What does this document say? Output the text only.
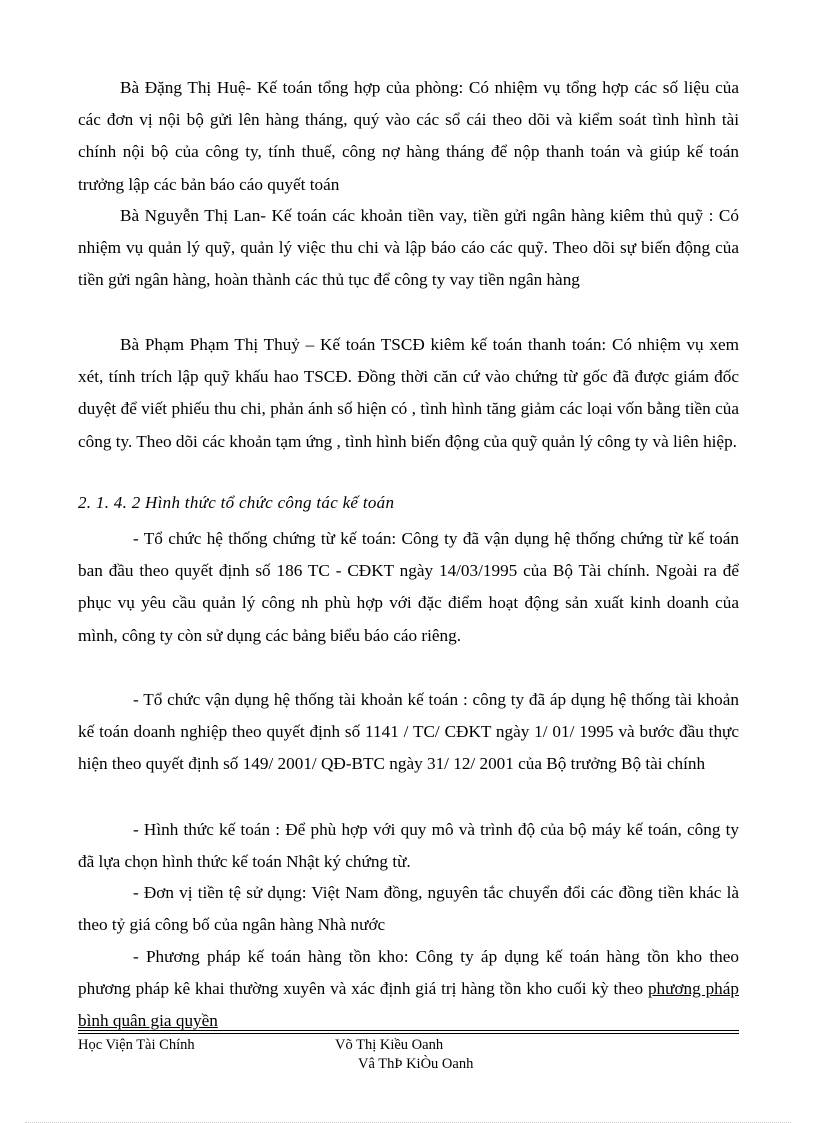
Bà Đặng Thị Huệ- Kế toán tổng hợp của phòng: Có nhiệm vụ tổng hợp các số liệu của các đơn vị nội bộ gửi lên hàng tháng, quý vào các sổ cái theo dõi và kiểm soát tình hình tài chính nội bộ của công ty, tính thuế, công nợ hàng tháng để nộp thanh toán và giúp kế toán trưởng lập các bản báo cáo quyết toán

Bà Nguyễn Thị Lan- Kế toán các khoản tiền vay, tiền gửi ngân hàng kiêm thủ quỹ : Có nhiệm vụ quản lý quỹ, quản lý việc thu chi và lập báo cáo các quỹ. Theo dõi sự biến động của tiền gửi ngân hàng, hoàn thành các thủ tục để công ty vay tiền ngân hàng

Bà Phạm Phạm Thị Thuỷ – Kế toán TSCĐ kiêm kế toán thanh toán: Có nhiệm vụ xem xét, tính trích lập quỹ khấu hao TSCĐ. Đồng thời căn cứ vào chứng từ gốc đã được giám đốc duyệt để viết phiếu thu chi, phản ánh số hiện có , tình hình tăng giảm các loại vốn bằng tiền của công ty. Theo dõi các khoản tạm ứng , tình hình biến động của quỹ quản lý công ty và liên hiệp.

2. 1. 4. 2 Hình thức tổ chức công tác kế toán

- Tổ chức hệ thống chứng từ kế toán: Công ty đã vận dụng hệ thống chứng từ kế toán ban đầu theo quyết định số 186 TC - CĐKT ngày 14/03/1995 của Bộ Tài chính. Ngoài ra để phục vụ yêu cầu quản lý công nh phù hợp với đặc điểm hoạt động sản xuất kinh doanh của mình, công ty còn sử dụng các bảng biểu báo cáo riêng.

- Tổ chức vận dụng hệ thống tài khoản kế toán : công ty đã áp dụng hệ thống tài khoản kế toán doanh nghiệp theo quyết định số 1141 / TC/ CĐKT ngày 1/ 01/ 1995 và bước đầu thực hiện theo quyết định số 149/ 2001/ QĐ-BTC ngày 31/ 12/ 2001 của Bộ trưởng Bộ tài chính

- Hình thức kế toán : Để phù hợp với quy mô và trình độ của bộ máy kế toán, công ty đã lựa chọn hình thức kế toán Nhật ký chứng từ.

- Đơn vị tiền tệ sử dụng: Việt Nam đồng, nguyên tắc chuyển đổi các đồng tiền khác là theo tỷ giá công bố của ngân hàng Nhà nước

- Phương pháp kế toán hàng tồn kho: Công ty áp dụng kế toán hàng tồn kho theo phương pháp kê khai thường xuyên và xác định giá trị hàng tồn kho cuối kỳ theo phương pháp bình quân gia quyền

Học Viện Tài Chính	Võ Thị Kiều Oanh
Vâ ThÞ KiÒu Oanh
